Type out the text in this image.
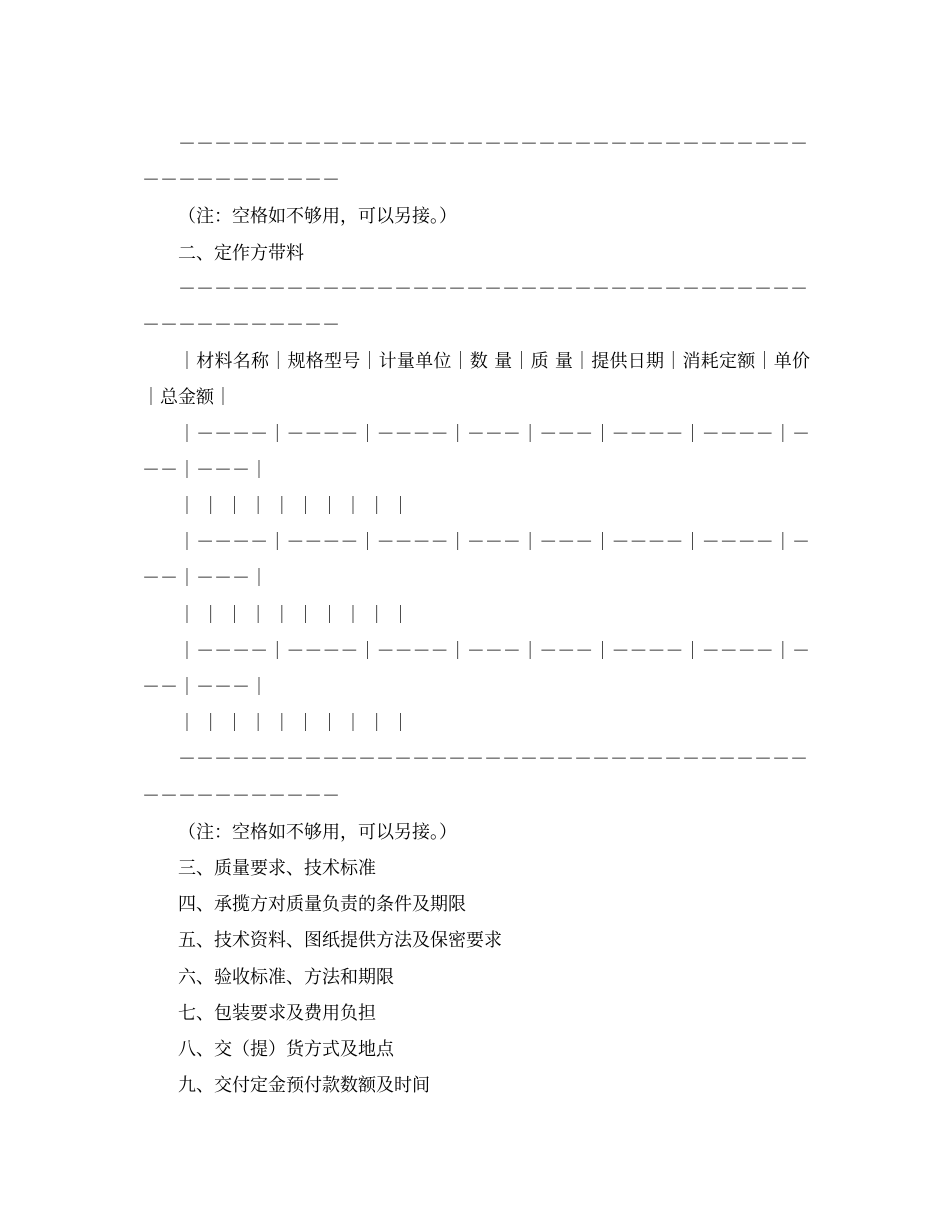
－－－－－－－－－－－－－－－－－－－－－－－－－－－－－－－－－－－－－－－－－－－－－－

（注：空格如不够用，可以另接。）

二、定作方带料

－－－－－－－－－－－－－－－－－－－－－－－－－－－－－－－－－－－－－－－－－－－－－－

｜材料名称｜规格型号｜计量单位｜数 量｜质 量｜提供日期｜消耗定额｜单价｜总金额｜

｜－－－－｜－－－－｜－－－－｜－－－｜－－－｜－－－－｜－－－－｜－－－｜－－－｜

｜ ｜ ｜ ｜ ｜ ｜ ｜ ｜ ｜ ｜

｜－－－－｜－－－－｜－－－－｜－－－｜－－－｜－－－－｜－－－－｜－－－｜－－－｜

｜ ｜ ｜ ｜ ｜ ｜ ｜ ｜ ｜ ｜

｜－－－－｜－－－－｜－－－－｜－－－｜－－－｜－－－－｜－－－－｜－－－｜－－－｜

｜ ｜ ｜ ｜ ｜ ｜ ｜ ｜ ｜ ｜

－－－－－－－－－－－－－－－－－－－－－－－－－－－－－－－－－－－－－－－－－－－－－－

（注：空格如不够用，可以另接。）

三、质量要求、技术标准

四、承揽方对质量负责的条件及期限

五、技术资料、图纸提供方法及保密要求

六、验收标准、方法和期限

七、包装要求及费用负担

八、交（提）货方式及地点

九、交付定金预付款数额及时间
